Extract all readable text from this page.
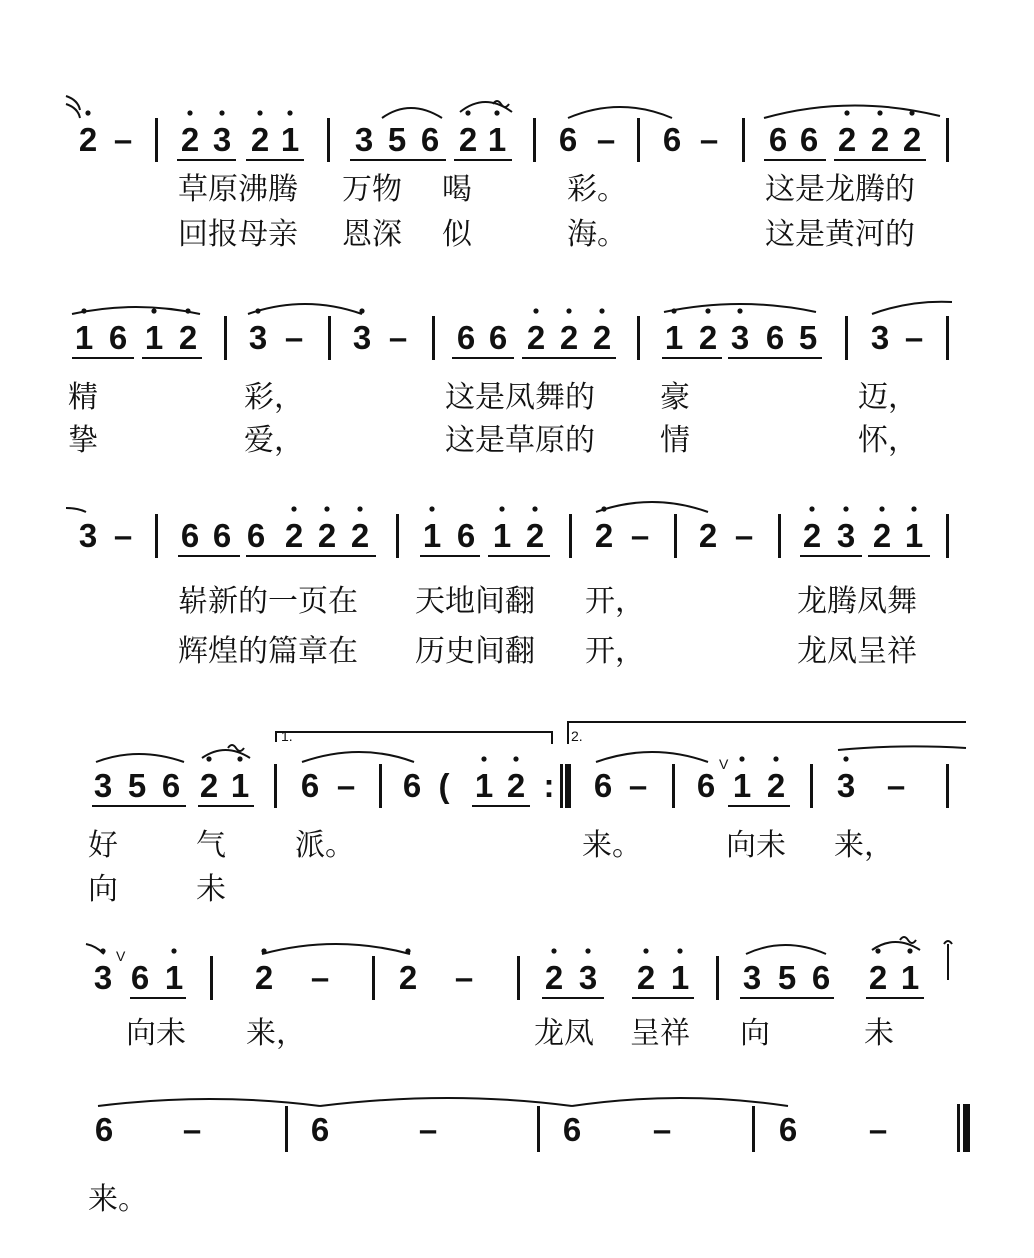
2 – 2 3 2 1 3 5 6 2 1 6 – 6 – 6 6 2 2 2
草原沸腾 万物 喝	彩。	这是龙腾的
回报母亲 恩深 似	海。	这是黄河的
1 6 1 2 3 – 3 – 6 6 2 2 2 1 2 3 6 5 3 –
精	彩，	这是凤舞的 豪	迈，
挚	爱，	这是草原的 情	怀，
3 – 6 6 6 2 2 2 1 6 1 2 2 – 2 – 2 3 2 1
崭新的一页在 天地间翻 开，	龙腾凤舞
辉煌的篇章在 历史间翻 开，	龙凤呈祥
1.	2.
3 5 6 2 1 6 – 6 ( 1 2 : 6 – 6 1 2 3 –
V
好	气 派。	来。	向未 来，
向	未
3 6 1 2 – 2 – 2 3 2 1 3 5 6 2 1
V
向未 来，	龙凤 呈祥 向	未
6 –	6	–	6 –	6 –
来。
